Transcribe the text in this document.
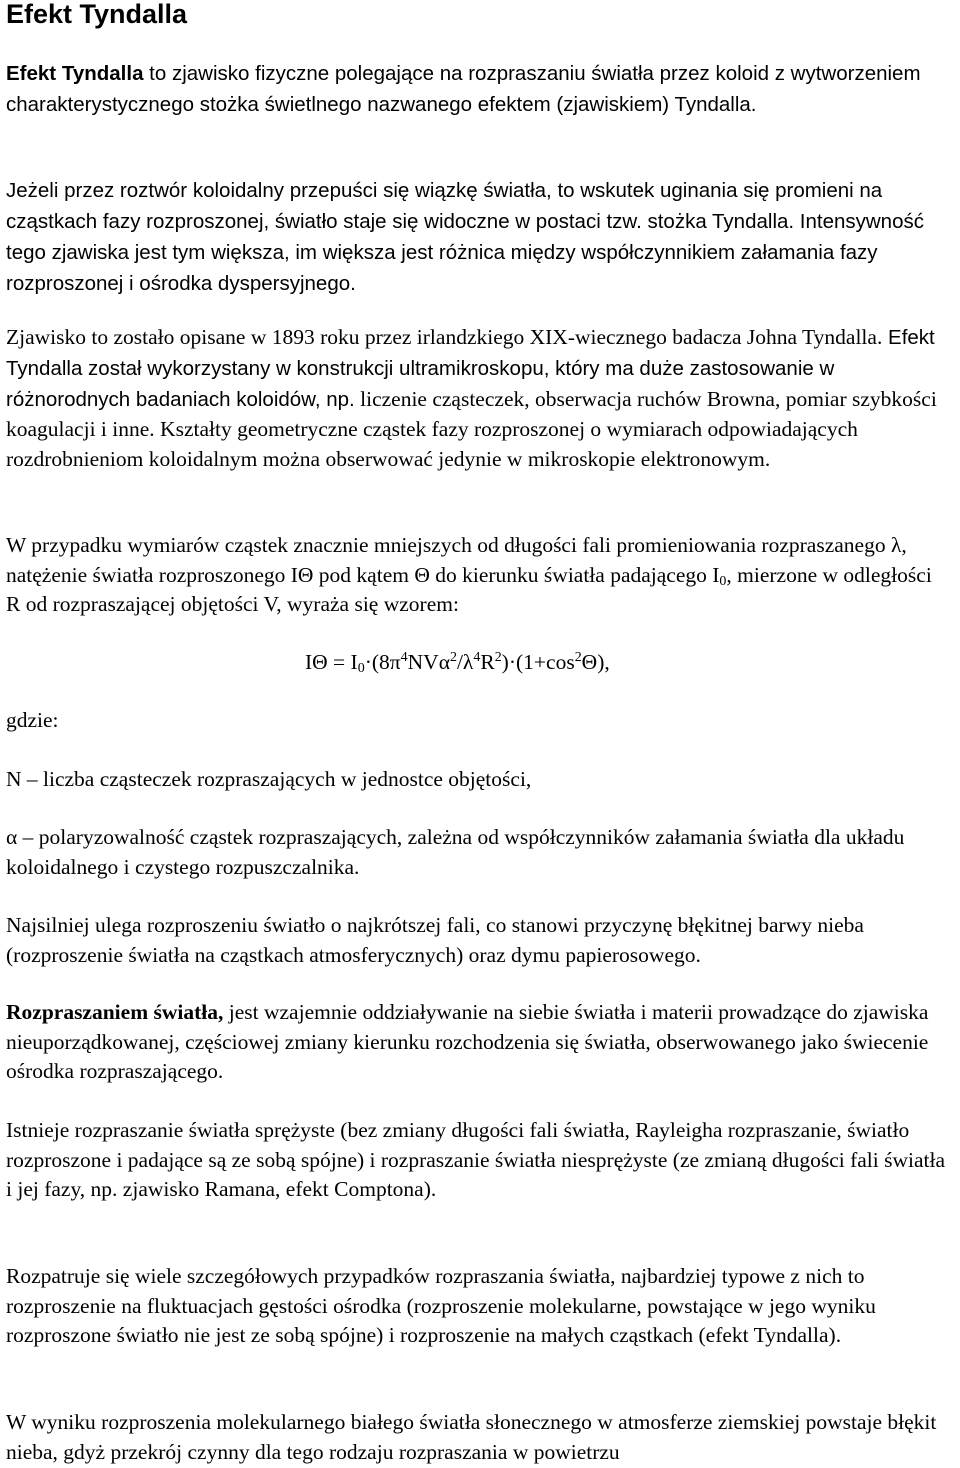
Efekt Tyndalla

Efekt Tyndalla to zjawisko fizyczne polegające na rozpraszaniu światła przez koloid z wytworzeniem charakterystycznego stożka świetlnego nazwanego efektem (zjawiskiem) Tyndalla.

Jeżeli przez roztwór koloidalny przepuści się wiązkę światła, to wskutek uginania się promieni na cząstkach fazy rozproszonej, światło staje się widoczne w postaci tzw. stożka Tyndalla. Intensywność tego zjawiska jest tym większa, im większa jest różnica między współczynnikiem załamania fazy rozproszonej i ośrodka dyspersyjnego.

Zjawisko to zostało opisane w 1893 roku przez irlandzkiego XIX-wiecznego badacza Johna Tyndalla. Efekt Tyndalla został wykorzystany w konstrukcji ultramikroskopu, który ma duże zastosowanie w różnorodnych badaniach koloidów, np. liczenie cząsteczek, obserwacja ruchów Browna, pomiar szybkości koagulacji i inne. Kształty geometryczne cząstek fazy rozproszonej o wymiarach odpowiadających rozdrobnieniom koloidalnym można obserwować jedynie w mikroskopie elektronowym.

W przypadku wymiarów cząstek znacznie mniejszych od długości fali promieniowania rozpraszanego λ, natężenie światła rozproszonego IΘ pod kątem Θ do kierunku światła padającego $I_0$, mierzone w odległości R od rozpraszającej objętości V, wyraża się wzorem:

$I\Theta = I_0\cdot(8\pi^4NV\alpha^2/\lambda^4R^2)\cdot(1+\cos^2\Theta)$,

gdzie:

N – liczba cząsteczek rozpraszających w jednostce objętości,

α – polaryzowalność cząstek rozpraszających, zależna od współczynników załamania światła dla układu koloidalnego i czystego rozpuszczalnika.

Najsilniej ulega rozproszeniu światło o najkrótszej fali, co stanowi przyczynę błękitnej barwy nieba (rozproszenie światła na cząstkach atmosferycznych) oraz dymu papierosowego.

Rozpraszaniem światła, jest wzajemnie oddziaływanie na siebie światła i materii prowadzące do zjawiska nieuporządkowanej, częściowej zmiany kierunku rozchodzenia się światła, obserwowanego jako świecenie ośrodka rozpraszającego.

Istnieje rozpraszanie światła sprężyste (bez zmiany długości fali światła, Rayleigha rozpraszanie, światło rozproszone i padające są ze sobą spójne) i rozpraszanie światła niesprężyste (ze zmianą długości fali światła i jej fazy, np. zjawisko Ramana, efekt Comptona).

Rozpatruje się wiele szczegółowych przypadków rozpraszania światła, najbardziej typowe z nich to rozproszenie na fluktuacjach gęstości ośrodka (rozproszenie molekularne, powstające w jego wyniku rozproszone światło nie jest ze sobą spójne) i rozproszenie na małych cząstkach (efekt Tyndalla).

W wyniku rozproszenia molekularnego białego światła słonecznego w atmosferze ziemskiej powstaje błękit nieba, gdyż przekrój czynny dla tego rodzaju rozpraszania w powietrzu
